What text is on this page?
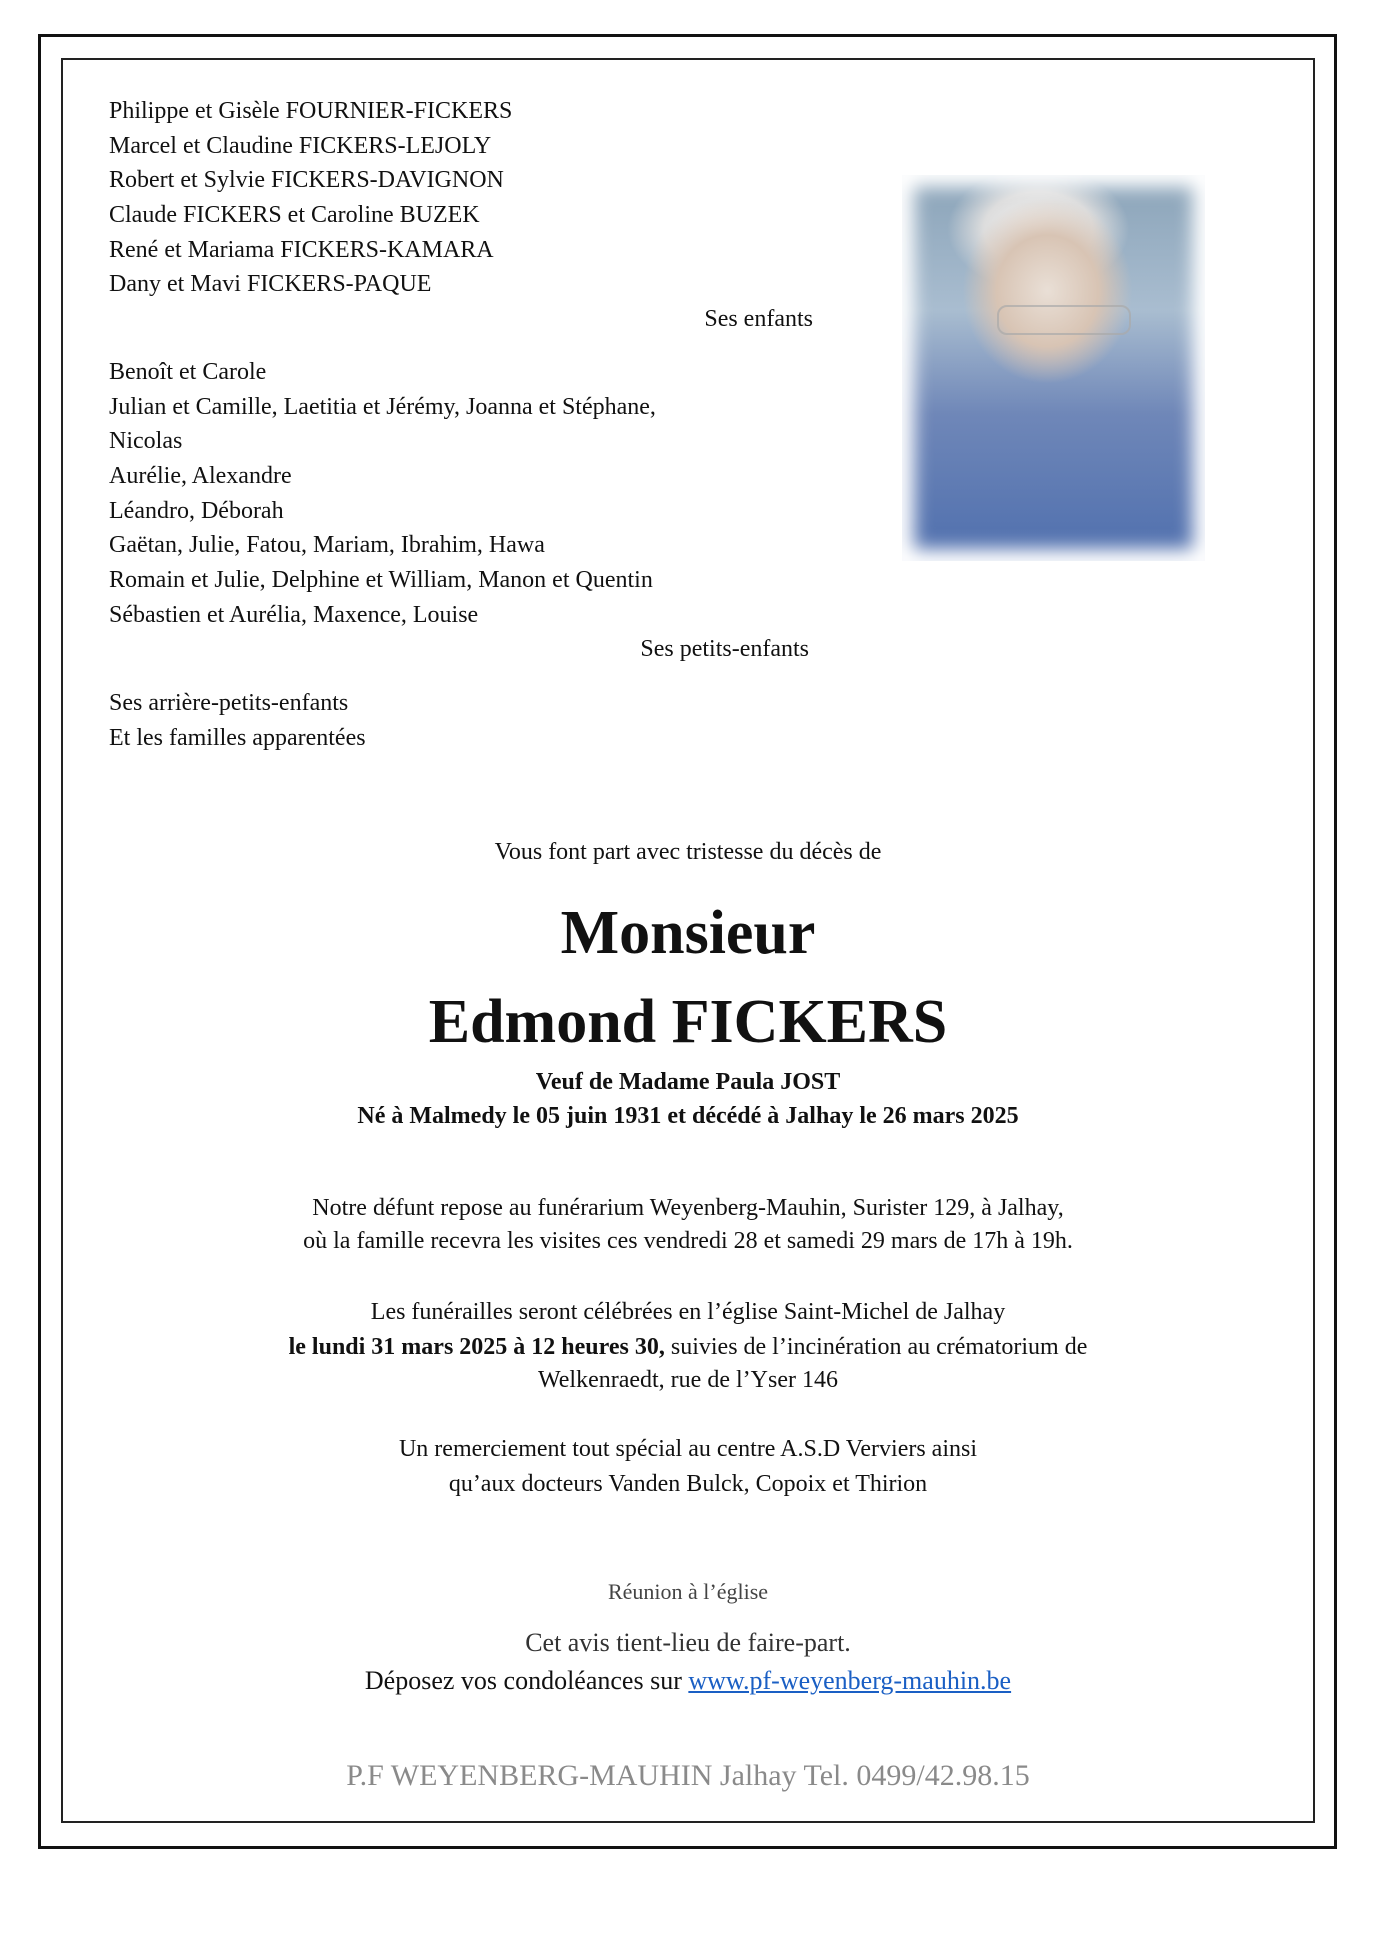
Philippe et Gisèle FOURNIER-FICKERS
Marcel et Claudine FICKERS-LEJOLY
Robert et Sylvie FICKERS-DAVIGNON
Claude FICKERS et Caroline BUZEK
René et Mariama FICKERS-KAMARA
Dany et Mavi FICKERS-PAQUE
Ses enfants
Benoît et Carole
Julian et Camille, Laetitia et Jérémy, Joanna et Stéphane,
Nicolas
Aurélie, Alexandre
Léandro, Déborah
Gaëtan, Julie, Fatou, Mariam, Ibrahim, Hawa
Romain et Julie, Delphine et William, Manon et Quentin
Sébastien et Aurélia, Maxence, Louise
Ses petits-enfants
Ses arrière-petits-enfants
Et les familles apparentées
Vous font part avec tristesse du décès de
Monsieur
Edmond FICKERS
Veuf de Madame Paula JOST
Né à Malmedy le 05 juin 1931 et décédé à Jalhay le 26 mars 2025
Notre défunt repose au funérarium Weyenberg-Mauhin, Surister 129, à Jalhay,
où la famille recevra les visites ces vendredi 28 et samedi 29 mars de 17h à 19h.
Les funérailles seront célébrées en l’église Saint-Michel de Jalhay
le lundi 31 mars 2025 à 12 heures 30, suivies de l’incinération au crématorium de
Welkenraedt, rue de l’Yser 146
Un remerciement tout spécial au centre A.S.D Verviers ainsi
qu’aux docteurs Vanden Bulck, Copoix et Thirion
Réunion à l’église
Cet avis tient-lieu de faire-part.
Déposez vos condoléances sur www.pf-weyenberg-mauhin.be
P.F WEYENBERG-MAUHIN Jalhay Tel. 0499/42.98.15
